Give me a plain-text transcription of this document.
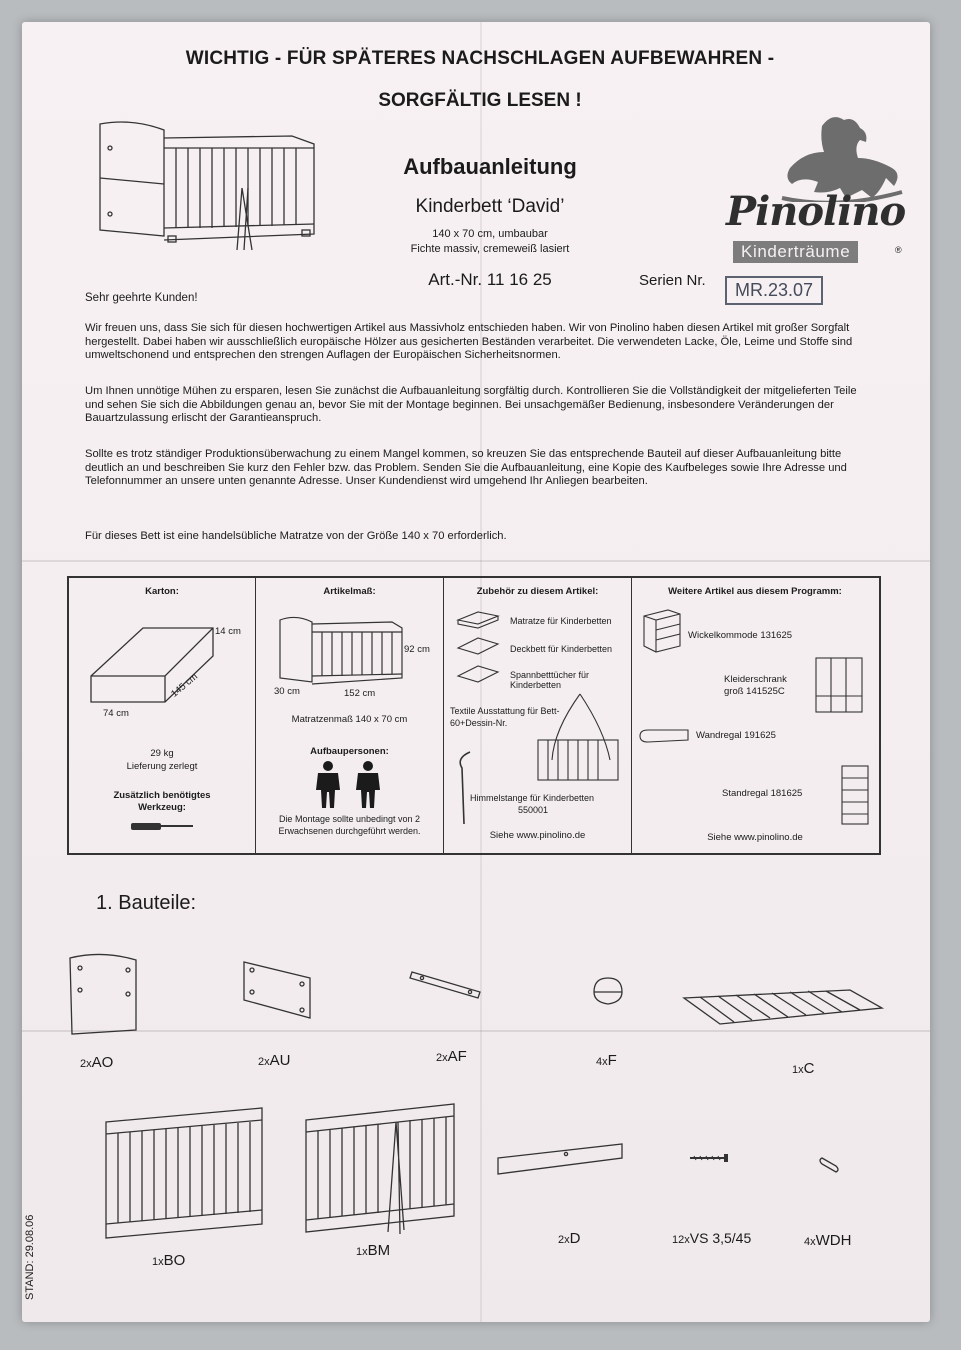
WICHTIG - FÜR SPÄTERES NACHSCHLAGEN AUFBEWAHREN -
SORGFÄLTIG LESEN !
Aufbauanleitung
Kinderbett ‘David’
140 x 70 cm, umbaubar
Fichte massiv, cremeweiß lasiert
Art.-Nr. 11 16 25	Serien Nr.	MR.23.07
Pinolino
Kinderträume	®
Sehr geehrte Kunden!
Wir freuen uns, dass Sie sich für diesen hochwertigen Artikel aus Massivholz entschieden haben. Wir von Pinolino haben diesen Artikel mit großer Sorgfalt hergestellt. Dabei haben wir ausschließlich europäische Hölzer aus gesicherten Beständen verarbeitet. Die verwendeten Lacke, Öle, Leime und Stoffe sind umweltschonend und entsprechen den strengen Auflagen der Europäischen Sicherheitsnormen.
Um Ihnen unnötige Mühen zu ersparen, lesen Sie zunächst die Aufbauanleitung sorgfältig durch. Kontrollieren Sie die Vollständigkeit der mitgelieferten Teile und sehen Sie sich die Abbildungen genau an, bevor Sie mit der Montage beginnen. Bei unsachgemäßer Bedienung, insbesondere Veränderungen der Bauartzulassung erlischt der Garantieanspruch.
Sollte es trotz ständiger Produktionsüberwachung zu einem Mangel kommen, so kreuzen Sie das entsprechende Bauteil auf dieser Aufbauanleitung bitte deutlich an und beschreiben Sie kurz den Fehler bzw. das Problem. Senden Sie die Aufbauanleitung, eine Kopie des Kaufbeleges sowie Ihre Adresse und Telefonnummer an unsere unten genannte Adresse. Unser Kundendienst wird umgehend Ihr Anliegen bearbeiten.
Für dieses Bett ist eine handelsübliche Matratze von der Größe 140 x 70 erforderlich.
Karton:
14 cm
145 cm
74 cm
29 kg
Lieferung zerlegt
Zusätzlich benötigtes
Werkzeug:
Artikelmaß:
92 cm
30 cm	152 cm
Matratzenmaß 140 x 70 cm
Aufbaupersonen:
Die Montage sollte unbedingt von 2
Erwachsenen durchgeführt werden.
Zubehör zu diesem Artikel:
Matratze für Kinderbetten
Deckbett für Kinderbetten
Spannbetttücher für Kinderbetten
Textile Ausstattung für Bett-
60+Dessin-Nr.
Himmelstange für Kinderbetten
550001
Siehe www.pinolino.de
Weitere Artikel aus diesem Programm:
Wickelkommode 131625
Kleiderschrank
groß 141525C
Wandregal 191625
Standregal 181625
Siehe www.pinolino.de
1. Bauteile:
2xAO	2xAU	2xAF	4xF
1xC
1xBO	1xBM
2xD	12xVS 3,5/45	4xWDH
STAND: 29.08.06
